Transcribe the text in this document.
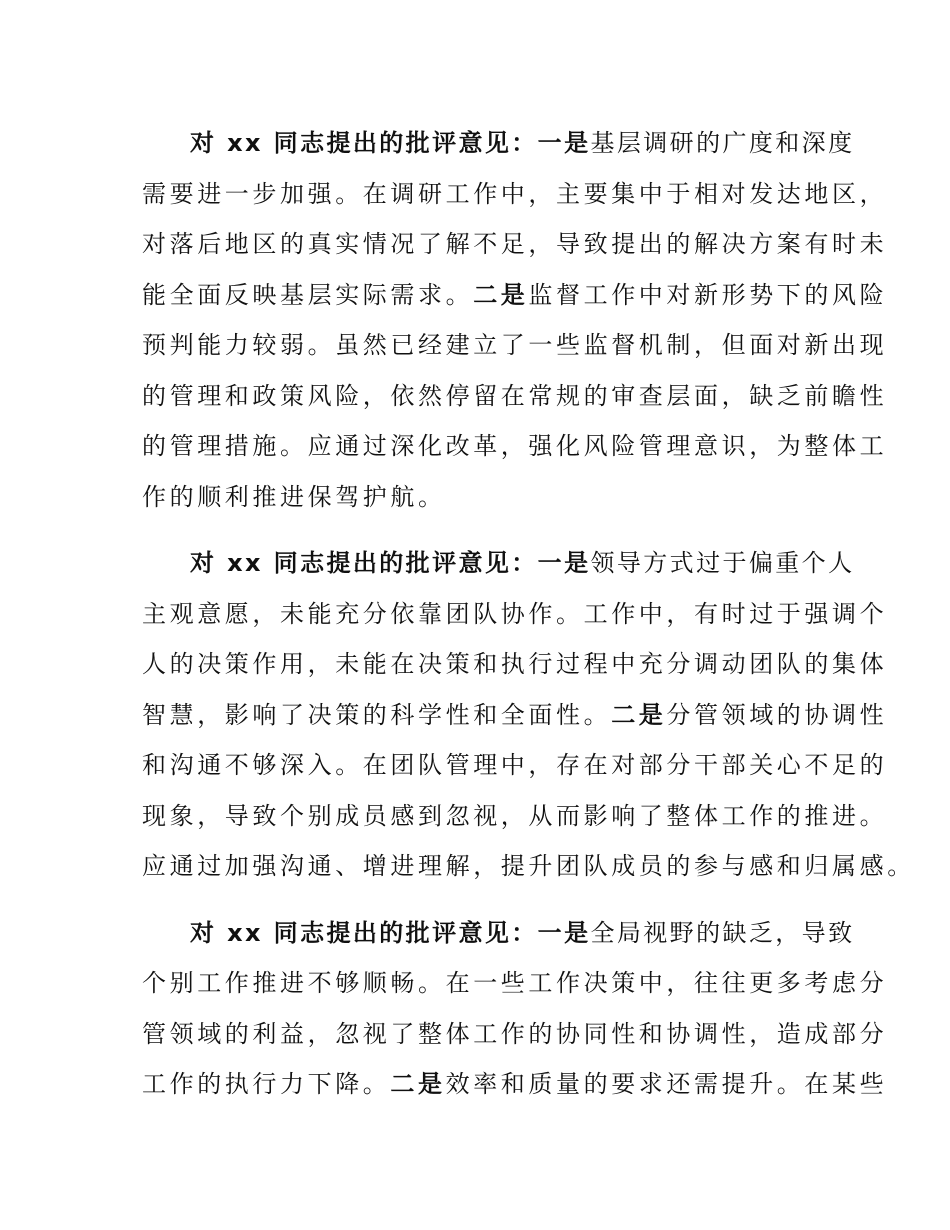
对 xx 同志提出的批评意见：一是基层调研的广度和深度
需要进一步加强。在调研工作中，主要集中于相对发达地区，
对落后地区的真实情况了解不足，导致提出的解决方案有时未
能全面反映基层实际需求。二是监督工作中对新形势下的风险
预判能力较弱。虽然已经建立了一些监督机制，但面对新出现
的管理和政策风险，依然停留在常规的审查层面，缺乏前瞻性
的管理措施。应通过深化改革，强化风险管理意识，为整体工
作的顺利推进保驾护航。
对 xx 同志提出的批评意见：一是领导方式过于偏重个人
主观意愿，未能充分依靠团队协作。工作中，有时过于强调个
人的决策作用，未能在决策和执行过程中充分调动团队的集体
智慧，影响了决策的科学性和全面性。二是分管领域的协调性
和沟通不够深入。在团队管理中，存在对部分干部关心不足的
现象，导致个别成员感到忽视，从而影响了整体工作的推进。
应通过加强沟通、增进理解，提升团队成员的参与感和归属感。
对 xx 同志提出的批评意见：一是全局视野的缺乏，导致
个别工作推进不够顺畅。在一些工作决策中，往往更多考虑分
管领域的利益，忽视了整体工作的协同性和协调性，造成部分
工作的执行力下降。二是效率和质量的要求还需提升。在某些
